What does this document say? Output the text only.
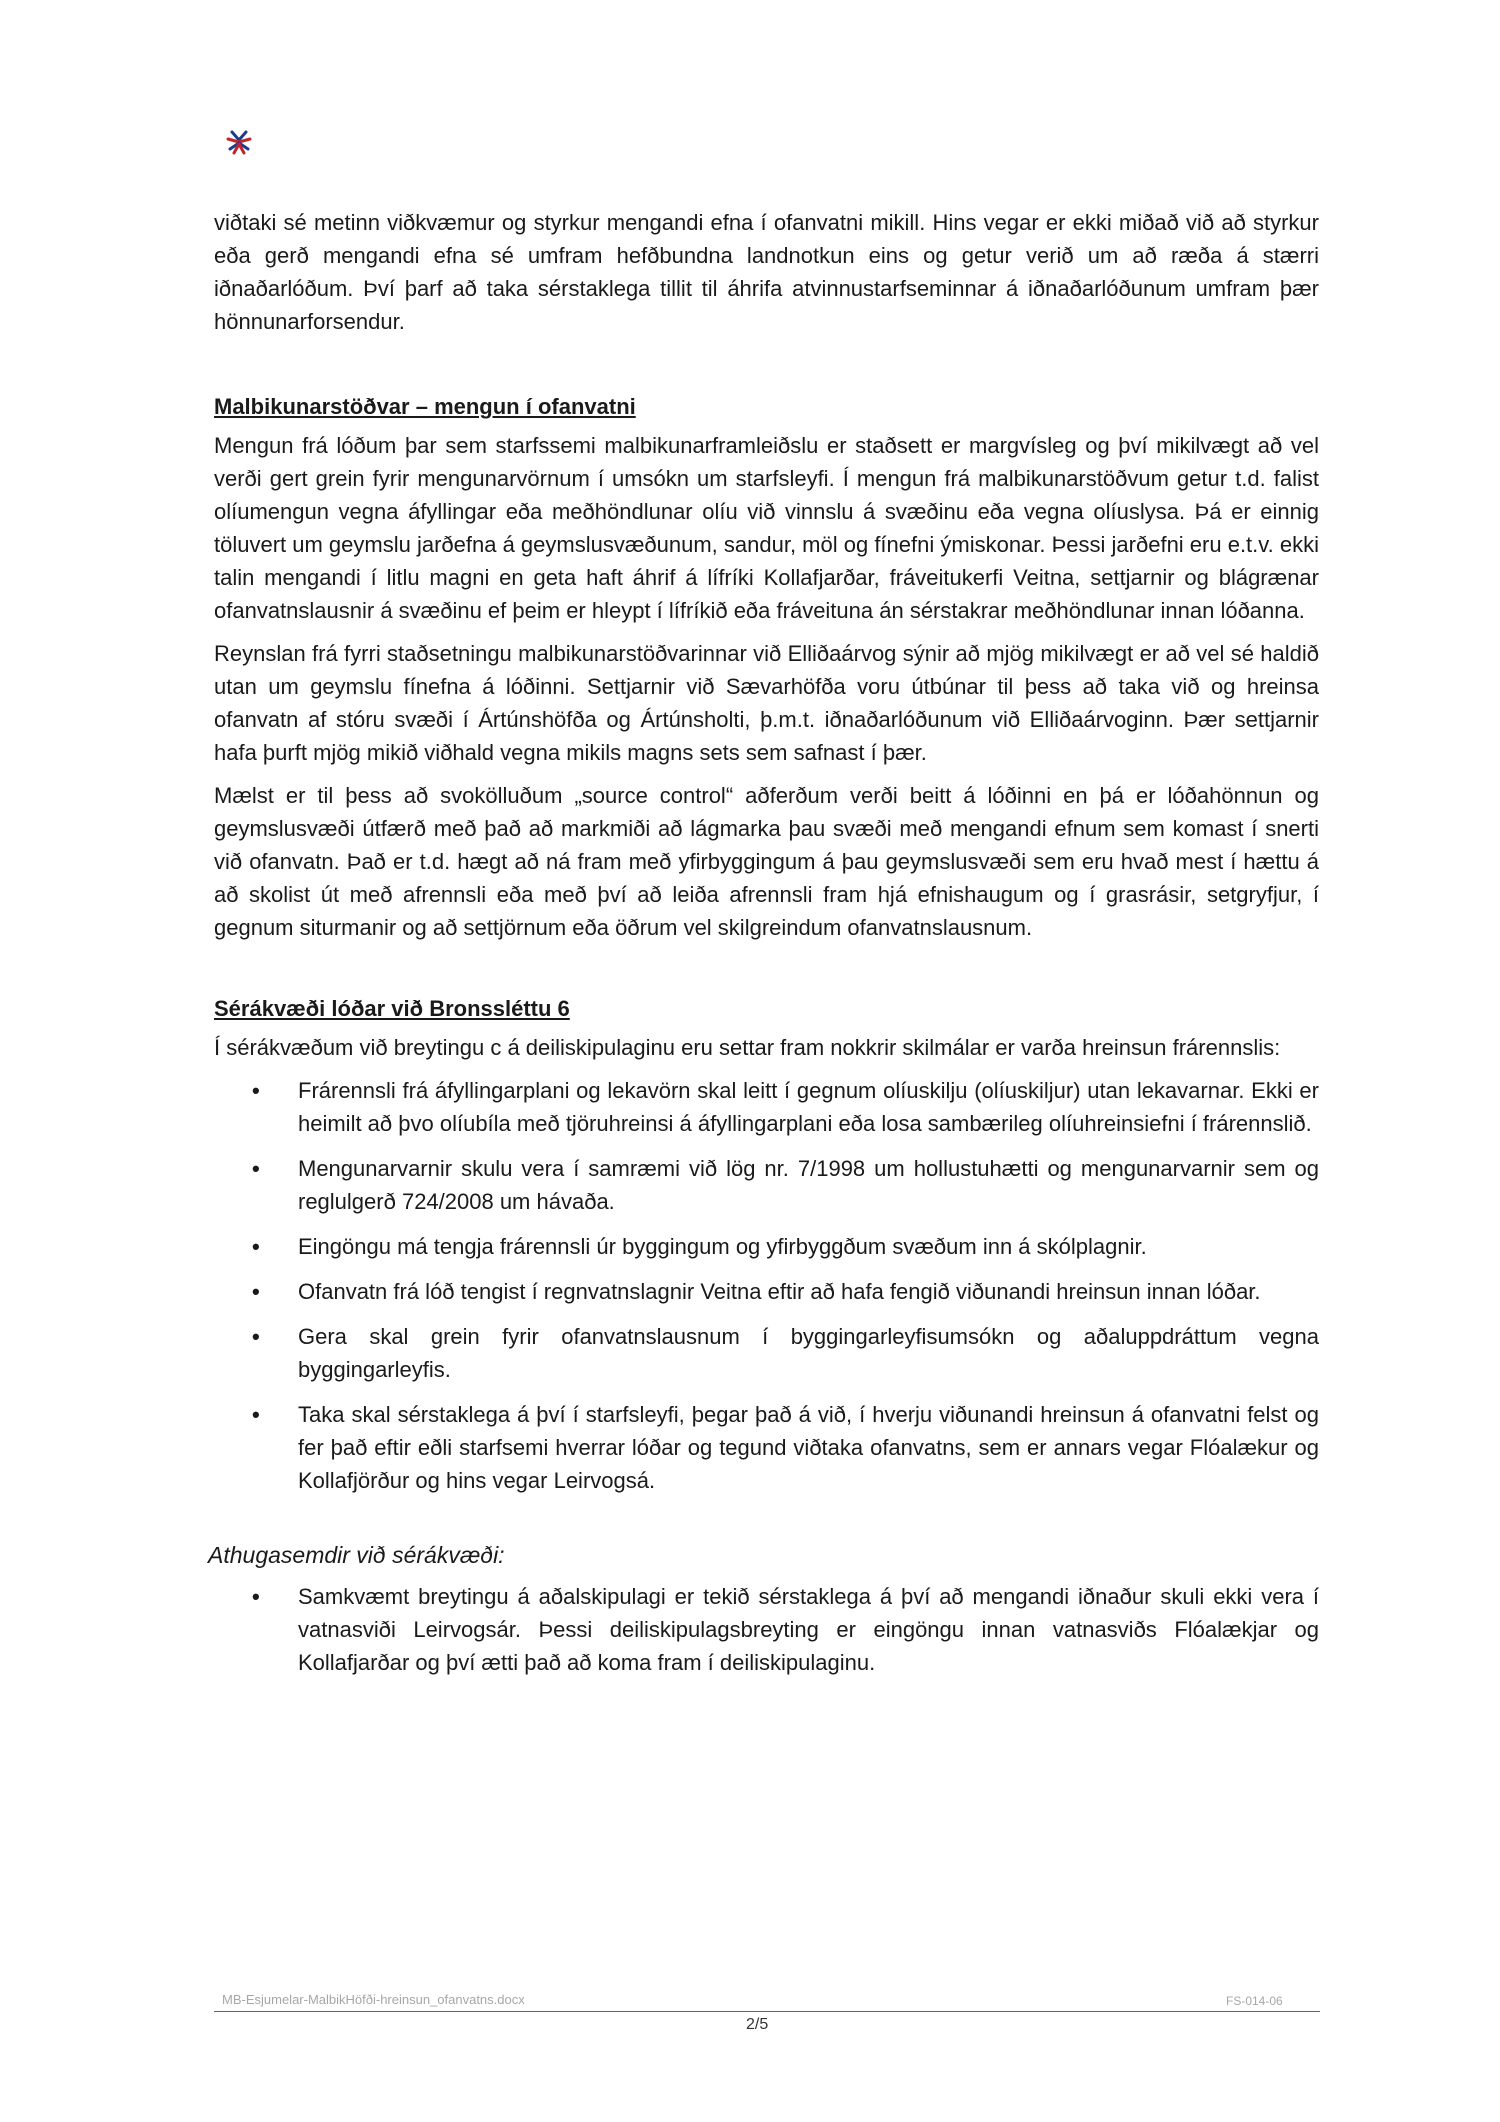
viðtaki sé metinn viðkvæmur og styrkur mengandi efna í ofanvatni mikill. Hins vegar er ekki miðað við að styrkur eða gerð mengandi efna sé umfram hefðbundna landnotkun eins og getur verið um að ræða á stærri iðnaðarlóðum. Því þarf að taka sérstaklega tillit til áhrifa atvinnustarfseminnar á iðnaðarlóðunum umfram þær hönnunarforsendur.

Malbikunarstöðvar – mengun í ofanvatni

Mengun frá lóðum þar sem starfssemi malbikunarframleiðslu er staðsett er margvísleg og því mikilvægt að vel verði gert grein fyrir mengunarvörnum í umsókn um starfsleyfi. Í mengun frá malbikunarstöðvum getur t.d. falist olíumengun vegna áfyllingar eða meðhöndlunar olíu við vinnslu á svæðinu eða vegna olíuslysa. Þá er einnig töluvert um geymslu jarðefna á geymslusvæðunum, sandur, möl og fínefni ýmiskonar. Þessi jarðefni eru e.t.v. ekki talin mengandi í litlu magni en geta haft áhrif á lífríki Kollafjarðar, fráveitukerfi Veitna, settjarnir og blágrænar ofanvatnslausnir á svæðinu ef þeim er hleypt í lífríkið eða fráveituna án sérstakrar meðhöndlunar innan lóðanna.

Reynslan frá fyrri staðsetningu malbikunarstöðvarinnar við Elliðaárvog sýnir að mjög mikilvægt er að vel sé haldið utan um geymslu fínefna á lóðinni. Settjarnir við Sævarhöfða voru útbúnar til þess að taka við og hreinsa ofanvatn af stóru svæði í Ártúnshöfða og Ártúnsholti, þ.m.t. iðnaðarlóðunum við Elliðaárvoginn. Þær settjarnir hafa þurft mjög mikið viðhald vegna mikils magns sets sem safnast í þær.

Mælst er til þess að svokölluðum „source control“ aðferðum verði beitt á lóðinni en þá er lóðahönnun og geymslusvæði útfærð með það að markmiði að lágmarka þau svæði með mengandi efnum sem komast í snerti við ofanvatn. Það er t.d. hægt að ná fram með yfirbyggingum á þau geymslusvæði sem eru hvað mest í hættu á að skolist út með afrennsli eða með því að leiða afrennsli fram hjá efnishaugum og í grasrásir, setgryfjur, í gegnum siturmanir og að settjörnum eða öðrum vel skilgreindum ofanvatnslausnum.

Sérákvæði lóðar við Bronssléttu 6

Í sérákvæðum við breytingu c á deiliskipulaginu eru settar fram nokkrir skilmálar er varða hreinsun frárennslis:

• Frárennsli frá áfyllingarplani og lekavörn skal leitt í gegnum olíuskilju (olíuskiljur) utan lekavarnar. Ekki er heimilt að þvo olíubíla með tjöruhreinsi á áfyllingarplani eða losa sambærileg olíuhreinsiefni í frárennslið.
• Mengunarvarnir skulu vera í samræmi við lög nr. 7/1998 um hollustuhætti og mengunarvarnir sem og reglulgerð 724/2008 um hávaða.
• Eingöngu má tengja frárennsli úr byggingum og yfirbyggðum svæðum inn á skólplagnir.
• Ofanvatn frá lóð tengist í regnvatnslagnir Veitna eftir að hafa fengið viðunandi hreinsun innan lóðar.
• Gera skal grein fyrir ofanvatnslausnum í byggingarleyfisumsókn og aðaluppdráttum vegna byggingarleyfis.
• Taka skal sérstaklega á því í starfsleyfi, þegar það á við, í hverju viðunandi hreinsun á ofanvatni felst og fer það eftir eðli starfsemi hverrar lóðar og tegund viðtaka ofanvatns, sem er annars vegar Flóalækur og Kollafjörður og hins vegar Leirvogsá.
Athugasemdir við sérákvæði:
• Samkvæmt breytingu á aðalskipulagi er tekið sérstaklega á því að mengandi iðnaður skuli ekki vera í vatnasviði Leirvogsár. Þessi deiliskipulagsbreyting er eingöngu innan vatnasviðs Flóalækjar og Kollafjarðar og því ætti það að koma fram í deiliskipulaginu.
MB-Esjumelar-MalbikHöfði-hreinsun_ofanvatns.docx	FS-014-06
2/5
